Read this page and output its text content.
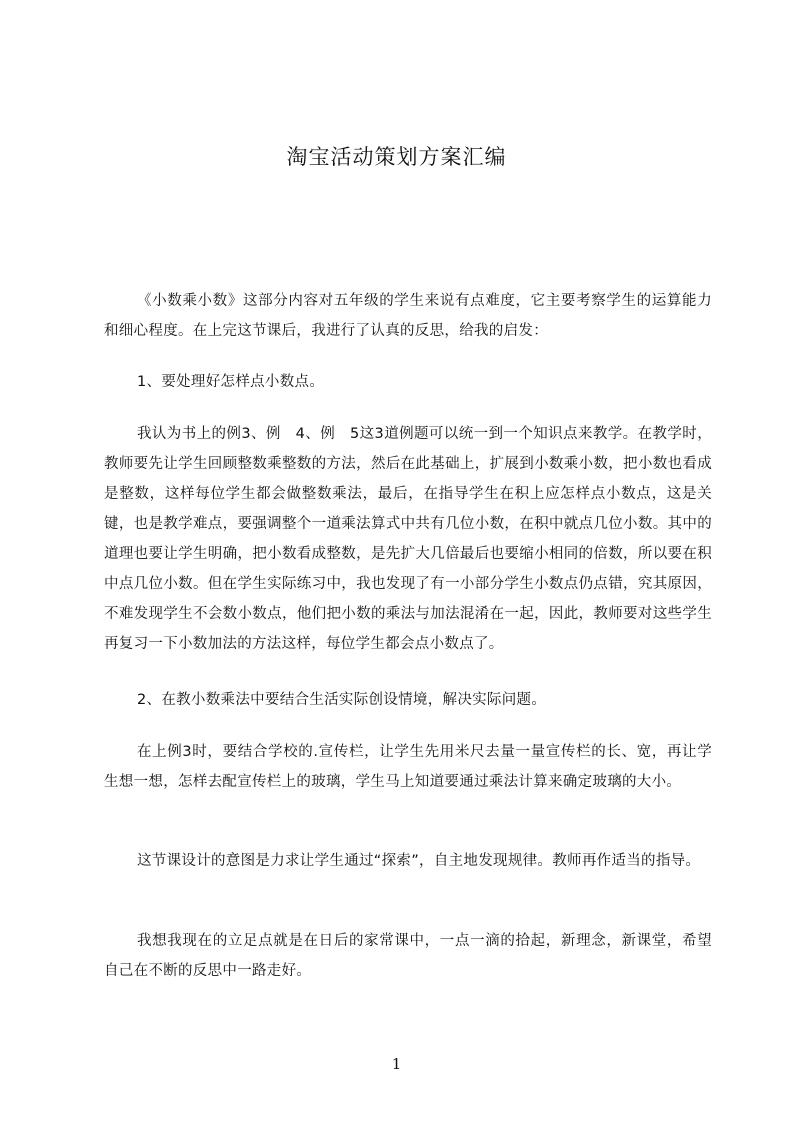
淘宝活动策划方案汇编

《小数乘小数》这部分内容对五年级的学生来说有点难度，它主要考察学生的运算能力和细心程度。在上完这节课后，我进行了认真的反思，给我的启发：

1、要处理好怎样点小数点。

我认为书上的例3、例　4、例　5这3道例题可以统一到一个知识点来教学。在教学时，教师要先让学生回顾整数乘整数的方法，然后在此基础上，扩展到小数乘小数，把小数也看成是整数，这样每位学生都会做整数乘法，最后，在指导学生在积上应怎样点小数点，这是关键，也是教学难点，要强调整个一道乘法算式中共有几位小数，在积中就点几位小数。其中的道理也要让学生明确，把小数看成整数，是先扩大几倍最后也要缩小相同的倍数，所以要在积中点几位小数。但在学生实际练习中，我也发现了有一小部分学生小数点仍点错，究其原因，不难发现学生不会数小数点，他们把小数的乘法与加法混淆在一起，因此，教师要对这些学生再复习一下小数加法的方法这样，每位学生都会点小数点了。

2、在教小数乘法中要结合生活实际创设情境，解决实际问题。

在上例3时，要结合学校的.宣传栏，让学生先用米尺去量一量宣传栏的长、宽，再让学生想一想，怎样去配宣传栏上的玻璃，学生马上知道要通过乘法计算来确定玻璃的大小。

这节课设计的意图是力求让学生通过“探索”，自主地发现规律。教师再作适当的指导。

我想我现在的立足点就是在日后的家常课中，一点一滴的拾起，新理念，新课堂，希望自己在不断的反思中一路走好。

1
